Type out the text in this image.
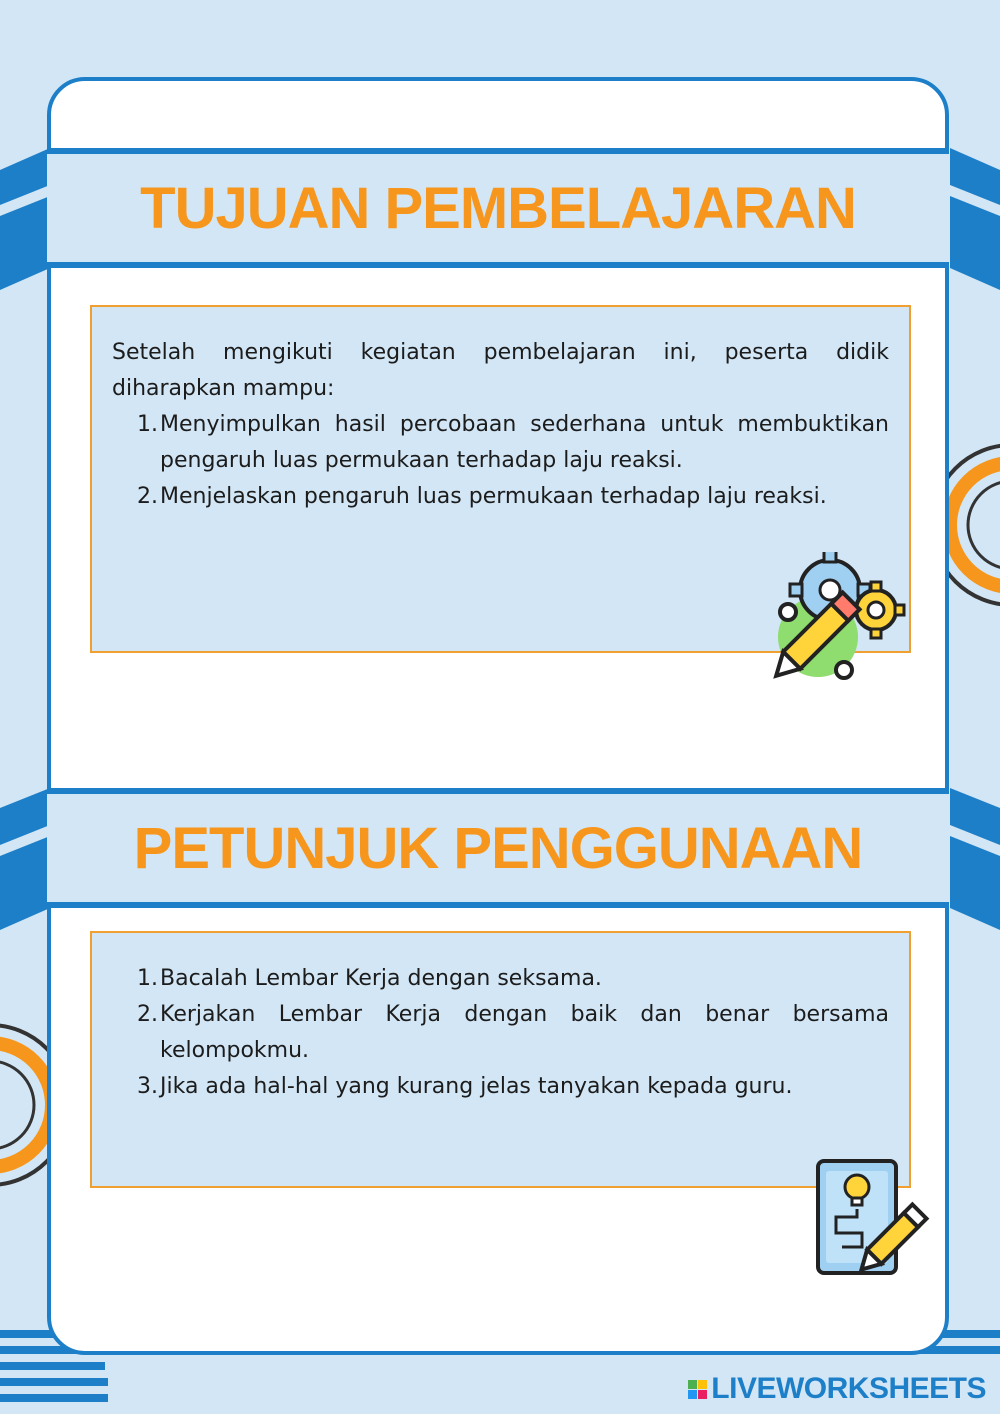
TUJUAN PEMBELAJARAN

Setelah mengikuti kegiatan pembelajaran ini, peserta didik diharapkan mampu:

1. Menyimpulkan hasil percobaan sederhana untuk membuktikan pengaruh luas permukaan terhadap laju reaksi.
2. Menjelaskan pengaruh luas permukaan terhadap laju reaksi.
PETUNJUK PENGGUNAAN
1. Bacalah Lembar Kerja dengan seksama.
2. Kerjakan Lembar Kerja dengan baik dan benar bersama kelompokmu.
3. Jika ada hal-hal yang kurang jelas tanyakan kepada guru.
LIVEWORKSHEETS
